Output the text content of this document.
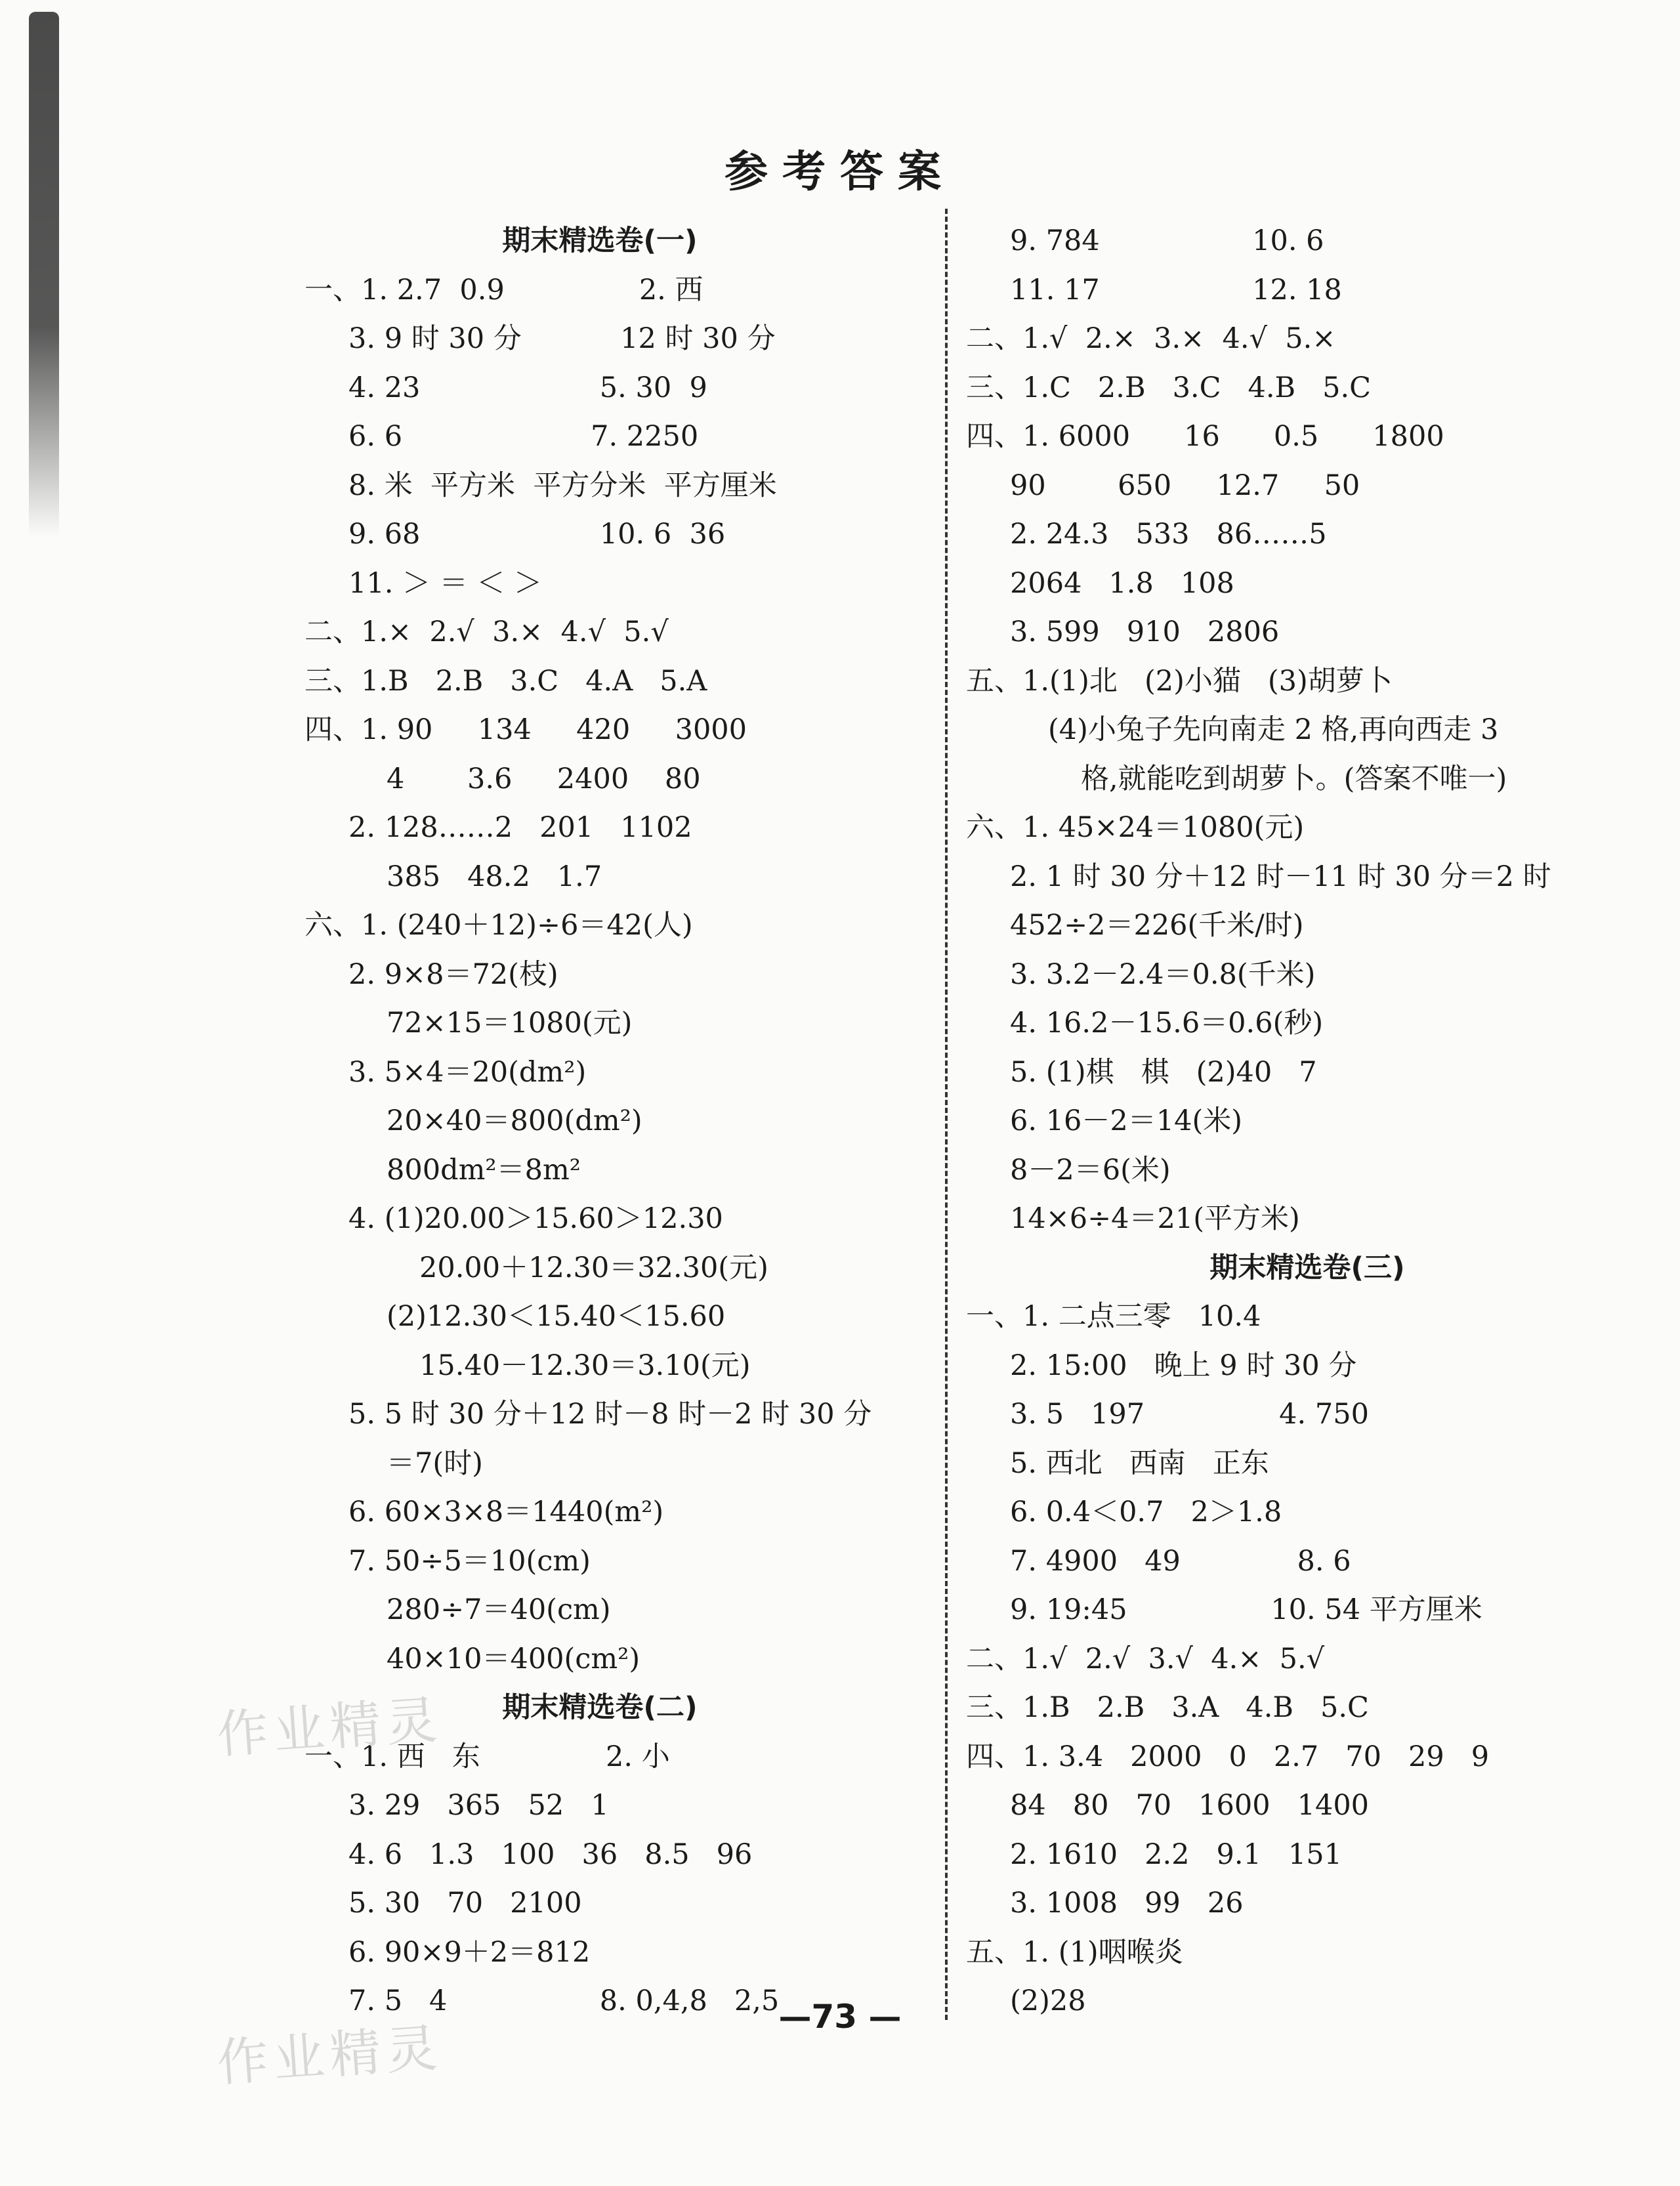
参考答案
期末精选卷(一)
一、1. 2.7  0.9               2. 西
3. 9 时 30 分           12 时 30 分
4. 23                    5. 30  9
6. 6                     7. 2250
8. 米  平方米  平方分米  平方厘米
9. 68                    10. 6  36
11. ＞ ＝ ＜ ＞
二、1.×  2.√  3.×  4.√  5.√
三、1.B   2.B   3.C   4.A   5.A
四、1. 90     134     420     3000
4       3.6     2400    80
2. 128……2   201   1102
385   48.2   1.7
六、1. (240＋12)÷6＝42(人)
2. 9×8＝72(枝)
72×15＝1080(元)
3. 5×4＝20(dm²)
20×40＝800(dm²)
800dm²＝8m²
4. (1)20.00＞15.60＞12.30
20.00＋12.30＝32.30(元)
(2)12.30＜15.40＜15.60
15.40－12.30＝3.10(元)
5. 5 时 30 分＋12 时－8 时－2 时 30 分
＝7(时)
6. 60×3×8＝1440(m²)
7. 50÷5＝10(cm)
280÷7＝40(cm)
40×10＝400(cm²)
期末精选卷(二)
一、1. 西   东              2. 小
3. 29   365   52   1
4. 6   1.3   100   36   8.5   96
5. 30   70   2100
6. 90×9＋2＝812
7. 5   4                 8. 0,4,8   2,5
9. 784                 10. 6
11. 17                 12. 18
二、1.√  2.×  3.×  4.√  5.×
三、1.C   2.B   3.C   4.B   5.C
四、1. 6000      16      0.5      1800
90        650     12.7     50
2. 24.3   533   86……5
2064   1.8   108
3. 599   910   2806
五、1.(1)北   (2)小猫   (3)胡萝卜
(4)小兔子先向南走 2 格,再向西走 3
格,就能吃到胡萝卜。(答案不唯一)
六、1. 45×24＝1080(元)
2. 1 时 30 分＋12 时－11 时 30 分＝2 时
452÷2＝226(千米/时)
3. 3.2－2.4＝0.8(千米)
4. 16.2－15.6＝0.6(秒)
5. (1)棋   棋   (2)40   7
6. 16－2＝14(米)
8－2＝6(米)
14×6÷4＝21(平方米)
期末精选卷(三)
一、1. 二点三零   10.4
2. 15:00   晚上 9 时 30 分
3. 5   197               4. 750
5. 西北   西南   正东
6. 0.4＜0.7   2＞1.8
7. 4900   49             8. 6
9. 19:45                10. 54 平方厘米
二、1.√  2.√  3.√  4.×  5.√
三、1.B   2.B   3.A   4.B   5.C
四、1. 3.4   2000   0   2.7   70   29   9
84   80   70   1600   1400
2. 1610   2.2   9.1   151
3. 1008   99   26
五、1. (1)咽喉炎
(2)28
作业精灵
作业精灵
—73 —
